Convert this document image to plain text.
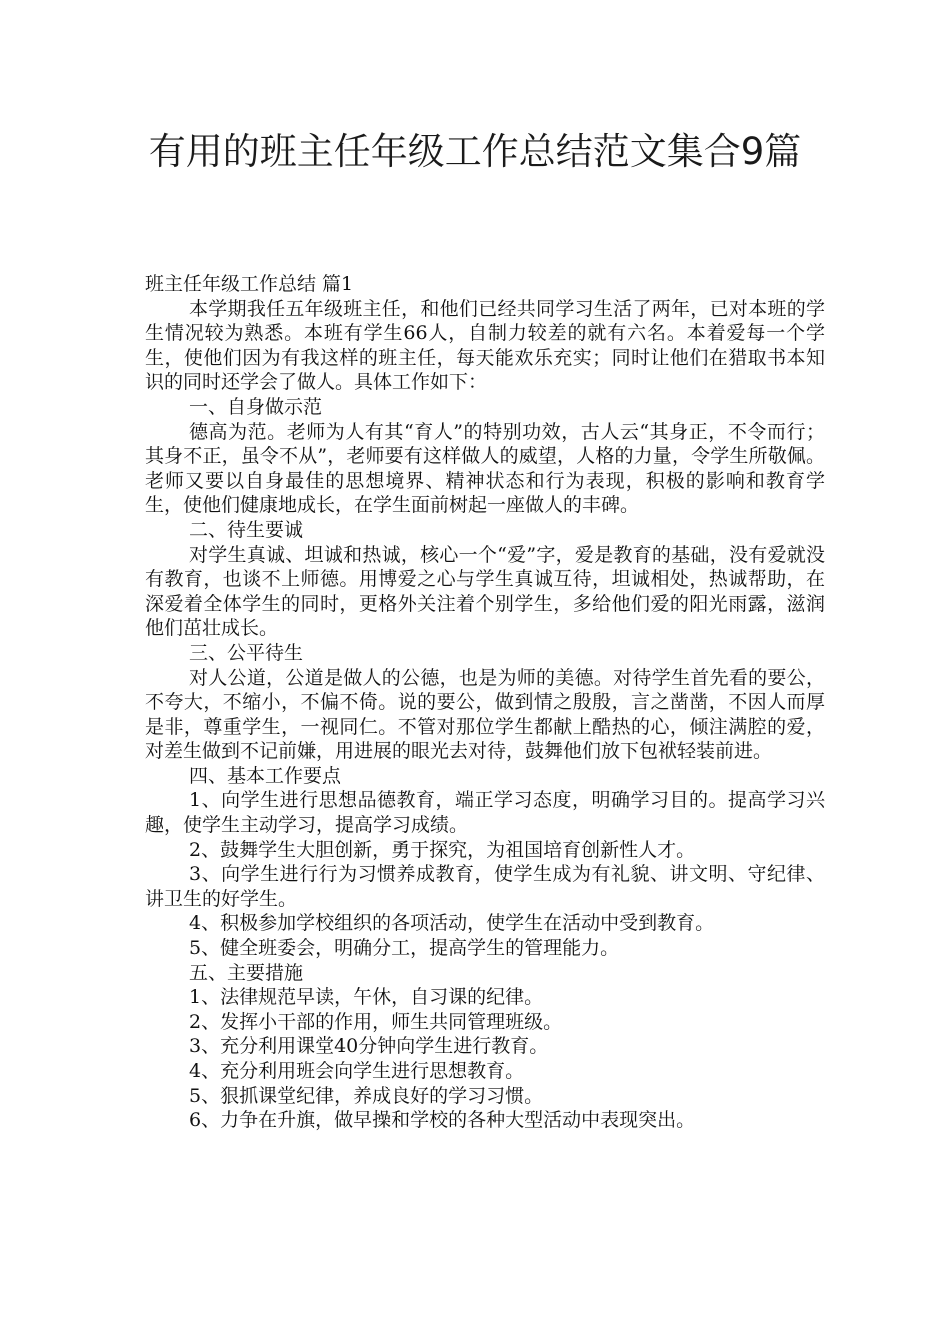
有用的班主任年级工作总结范文集合9篇

班主任年级工作总结 篇1

本学期我任五年级班主任，和他们已经共同学习生活了两年，已对本班的学生情况较为熟悉。本班有学生66人，自制力较差的就有六名。本着爱每一个学生，使他们因为有我这样的班主任，每天能欢乐充实；同时让他们在猎取书本知识的同时还学会了做人。具体工作如下：

一、自身做示范

德高为范。老师为人有其“育人”的特别功效，古人云“其身正，不令而行；其身不正，虽令不从”，老师要有这样做人的威望，人格的力量，令学生所敬佩。老师又要以自身最佳的思想境界、精神状态和行为表现，积极的影响和教育学生，使他们健康地成长，在学生面前树起一座做人的丰碑。

二、待生要诚

对学生真诚、坦诚和热诚，核心一个“爱”字，爱是教育的基础，没有爱就没有教育，也谈不上师德。用博爱之心与学生真诚互待，坦诚相处，热诚帮助，在深爱着全体学生的同时，更格外关注着个别学生，多给他们爱的阳光雨露，滋润他们茁壮成长。

三、公平待生

对人公道，公道是做人的公德，也是为师的美德。对待学生首先看的要公，不夸大，不缩小，不偏不倚。说的要公，做到情之殷殷，言之凿凿，不因人而厚是非，尊重学生，一视同仁。不管对那位学生都献上酷热的心，倾注满腔的爱，对差生做到不记前嫌，用进展的眼光去对待，鼓舞他们放下包袱轻装前进。

四、基本工作要点

1、向学生进行思想品德教育，端正学习态度，明确学习目的。提高学习兴趣，使学生主动学习，提高学习成绩。

2、鼓舞学生大胆创新，勇于探究，为祖国培育创新性人才。

3、向学生进行行为习惯养成教育，使学生成为有礼貌、讲文明、守纪律、讲卫生的好学生。

4、积极参加学校组织的各项活动，使学生在活动中受到教育。

5、健全班委会，明确分工，提高学生的管理能力。

五、主要措施

1、法律规范早读，午休，自习课的纪律。

2、发挥小干部的作用，师生共同管理班级。

3、充分利用课堂40分钟向学生进行教育。

4、充分利用班会向学生进行思想教育。

5、狠抓课堂纪律，养成良好的学习习惯。

6、力争在升旗，做早操和学校的各种大型活动中表现突出。
